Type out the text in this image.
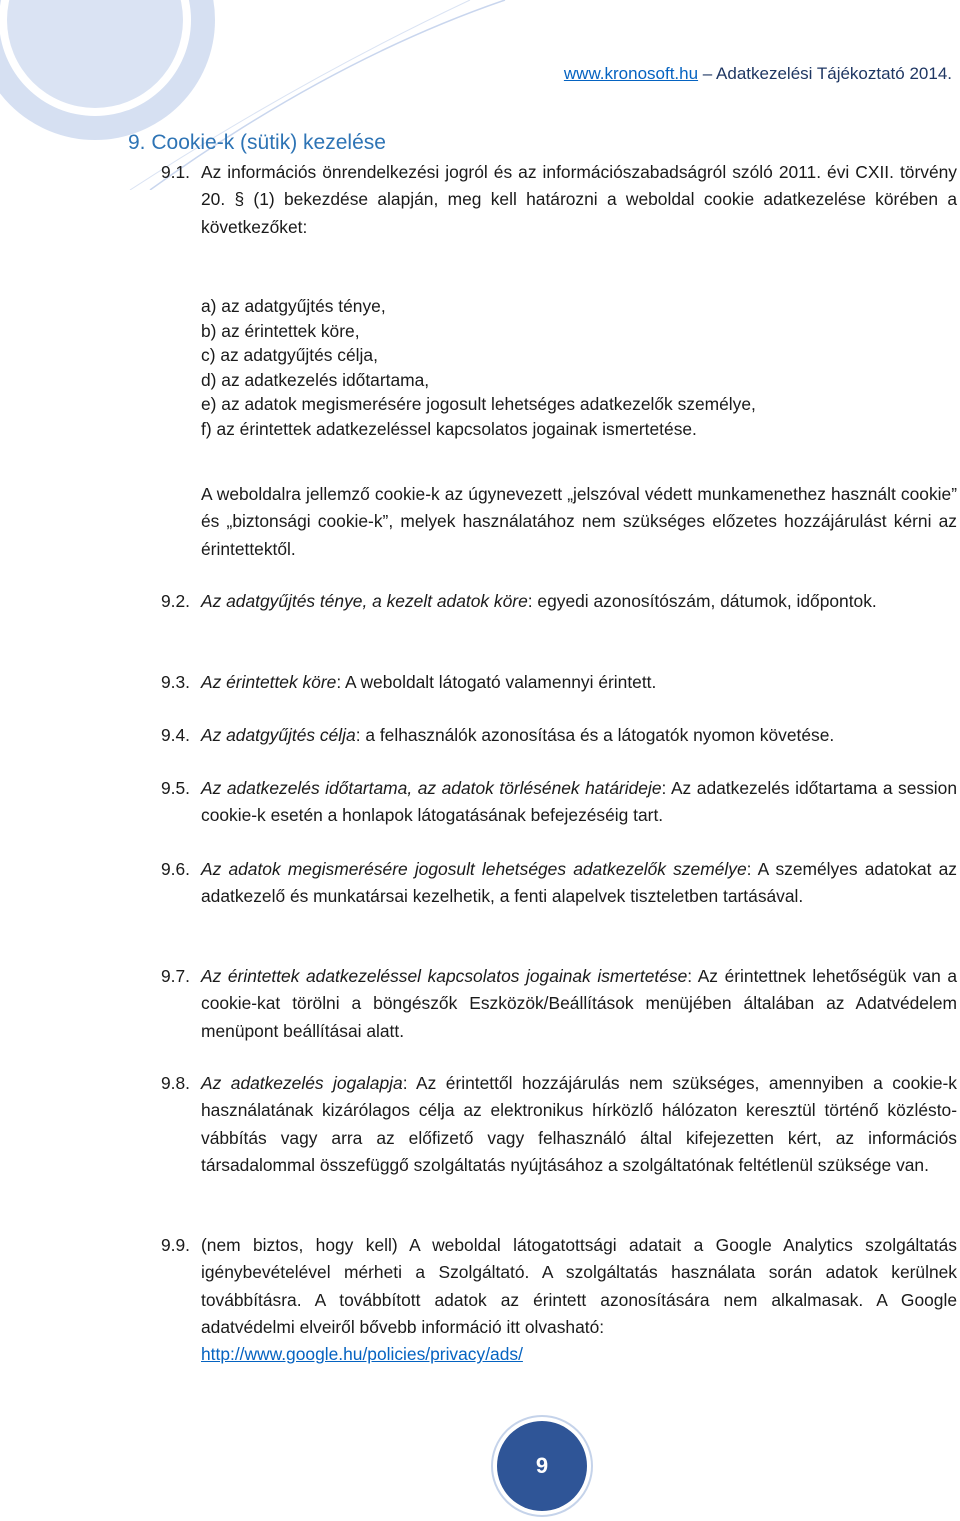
www.kronosoft.hu – Adatkezelési Tájékoztató 2014.
9. Cookie-k (sütik) kezelése
9.1. Az információs önrendelkezési jogról és az információszabadságról szóló 2011. évi CXII. törvény 20. § (1) bekezdése alapján, meg kell határozni a weboldal cookie adatkezelése körében a következőket:
a) az adatgyűjtés ténye,
b) az érintettek köre,
c) az adatgyűjtés célja,
d) az adatkezelés időtartama,
e) az adatok megismerésére jogosult lehetséges adatkezelők személye,
f) az érintettek adatkezeléssel kapcsolatos jogainak ismertetése.
A weboldalra jellemző cookie-k az úgynevezett „jelszóval védett munkamenethez használt cookie” és „biztonsági cookie-k”, melyek használatához nem szükséges előzetes hozzájárulást kérni az érintettektől.
9.2. Az adatgyűjtés ténye, a kezelt adatok köre: egyedi azonosítószám, dátumok, időpontok.
9.3. Az érintettek köre: A weboldalt látogató valamennyi érintett.
9.4. Az adatgyűjtés célja: a felhasználók azonosítása és a látogatók nyomon követése.
9.5. Az adatkezelés időtartama, az adatok törlésének határideje: Az adatkezelés időtartama a session cookie-k esetén a honlapok látogatásának befejezéséig tart.
9.6. Az adatok megismerésére jogosult lehetséges adatkezelők személye: A személyes adatokat az adatkezelő és munkatársai kezelhetik, a fenti alapelvek tiszteletben tartásával.
9.7. Az érintettek adatkezeléssel kapcsolatos jogainak ismertetése: Az érintettnek lehetőségük van a cookie-kat törölni a böngészők Eszközök/Beállítások menüjében általában az Adatvédelem menüpont beállításai alatt.
9.8. Az adatkezelés jogalapja: Az érintettől hozzájárulás nem szükséges, amennyiben a cookie-k használatának kizárólagos célja az elektronikus hírközlő hálózaton keresztül történő közléstovábbítás vagy arra az előfizető vagy felhasználó által kifejezetten kért, az információs társadalommal összefüggő szolgáltatás nyújtásához a szolgáltatónak feltétlenül szüksége van.
9.9. (nem biztos, hogy kell) A weboldal látogatottsági adatait a Google Analytics szolgáltatás igénybevételével mérheti a Szolgáltató. A szolgáltatás használata során adatok kerülnek továbbításra. A továbbított adatok az érintett azonosítására nem alkalmasak. A Google adatvédelmi elveiről bővebb információ itt olvasható:
http://www.google.hu/policies/privacy/ads/
9
